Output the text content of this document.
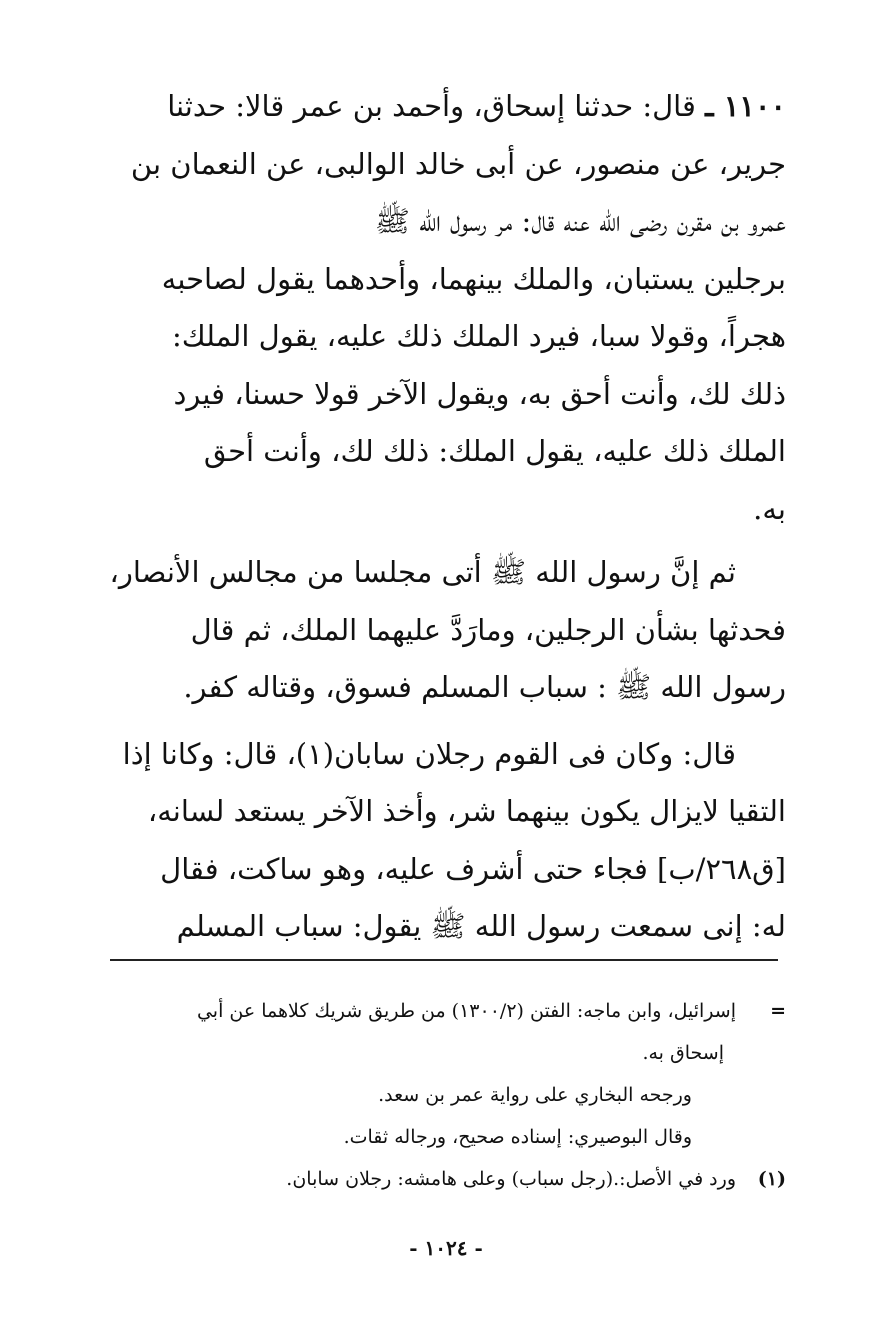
١١٠٠ ـ قال: حدثنا إسحاق، وأحمد بن عمر قالا: حدثنا
جرير، عن منصور، عن أبى خالد الوالبى، عن النعمان بن
عمرو بن مقرن رضى الله عنه قال: مر رسول الله ﷺ
برجلين يستبان، والملك بينهما، وأحدهما يقول لصاحبه
هجراً، وقولا سبا، فيرد الملك ذلك عليه، يقول الملك:
ذلك لك، وأنت أحق به، ويقول الآخر قولا حسنا، فيرد
الملك ذلك عليه، يقول الملك: ذلك لك، وأنت أحق
به.
ثم إنَّ رسول الله ﷺ أتى مجلسا من مجالس الأنصار،
فحدثها بشأن الرجلين، ومارَدَّ عليهما الملك، ثم قال
رسول الله ﷺ : سباب المسلم فسوق، وقتاله كفر.
قال: وكان فى القوم رجلان سابان(١)، قال: وكانا إذا
التقيا لايزال يكون بينهما شر، وأخذ الآخر يستعد لسانه،
[ق٢٦٨/ب] فجاء حتى أشرف عليه، وهو ساكت، فقال
له: إنى سمعت رسول الله ﷺ يقول: سباب المسلم
=إسرائيل، وابن ماجه: الفتن (١٣٠٠/٢) من طريق شريك كلاهما عن أبي
إسحاق به.
ورجحه البخاري على رواية عمر بن سعد.
وقال البوصيري: إسناده صحيح، ورجاله ثقات.
(١)ورد في الأصل:.(رجل سباب) وعلى هامشه: رجلان سابان.
- ١٠٢٤ -
